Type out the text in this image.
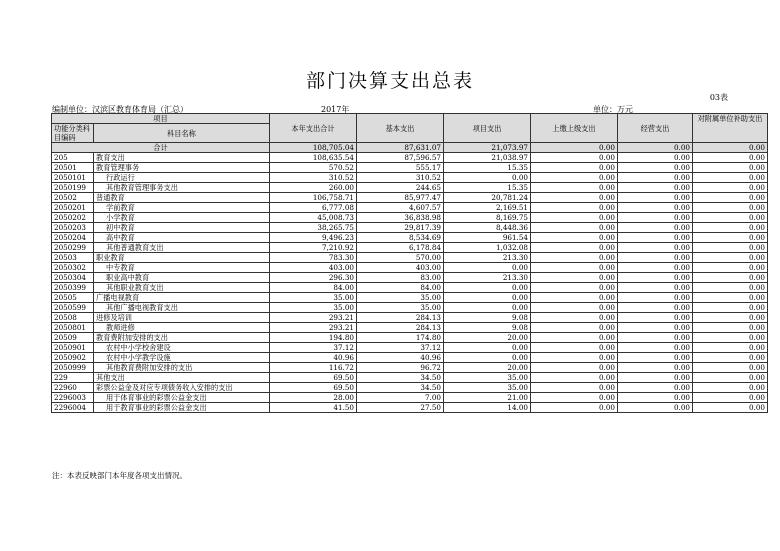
部门决算支出总表
03表
编制单位：汉滨区教育体育局（汇总）	2017年	单位：万元
项目		本年支出合计	基本支出	项目支出	上缴上级支出	经营支出	对附属单位补助支出
功能分类科目编码	科目名称						

合计		108,705.04	87,631.07	21,073.97	0.00	0.00	0.00
205	教育支出	108,635.54	87,596.57	21,038.97	0.00	0.00	0.00
20501	教育管理事务	570.52	555.17	15.35	0.00	0.00	0.00
2050101	行政运行	310.52	310.52	0.00	0.00	0.00	0.00
2050199	其他教育管理事务支出	260.00	244.65	15.35	0.00	0.00	0.00
20502	普通教育	106,758.71	85,977.47	20,781.24	0.00	0.00	0.00
2050201	学前教育	6,777.08	4,607.57	2,169.51	0.00	0.00	0.00
2050202	小学教育	45,008.73	36,838.98	8,169.75	0.00	0.00	0.00
2050203	初中教育	38,265.75	29,817.39	8,448.36	0.00	0.00	0.00
2050204	高中教育	9,496.23	8,534.69	961.54	0.00	0.00	0.00
2050299	其他普通教育支出	7,210.92	6,178.84	1,032.08	0.00	0.00	0.00
20503	职业教育	783.30	570.00	213.30	0.00	0.00	0.00
2050302	中专教育	403.00	403.00	0.00	0.00	0.00	0.00
2050304	职业高中教育	296.30	83.00	213.30	0.00	0.00	0.00
2050399	其他职业教育支出	84.00	84.00	0.00	0.00	0.00	0.00
20505	广播电视教育	35.00	35.00	0.00	0.00	0.00	0.00
2050599	其他广播电视教育支出	35.00	35.00	0.00	0.00	0.00	0.00
20508	进修及培训	293.21	284.13	9.08	0.00	0.00	0.00
2050801	教师进修	293.21	284.13	9.08	0.00	0.00	0.00
20509	教育费附加安排的支出	194.80	174.80	20.00	0.00	0.00	0.00
2050901	农村中小学校舍建设	37.12	37.12	0.00	0.00	0.00	0.00
2050902	农村中小学教学设施	40.96	40.96	0.00	0.00	0.00	0.00
2050999	其他教育费附加安排的支出	116.72	96.72	20.00	0.00	0.00	0.00
229	其他支出	69.50	34.50	35.00	0.00	0.00	0.00
22960	彩票公益金及对应专项债务收入安排的支出	69.50	34.50	35.00	0.00	0.00	0.00
2296003	用于体育事业的彩票公益金支出	28.00	7.00	21.00	0.00	0.00	0.00
2296004	用于教育事业的彩票公益金支出	41.50	27.50	14.00	0.00	0.00	0.00
注：本表反映部门本年度各项支出情况。
